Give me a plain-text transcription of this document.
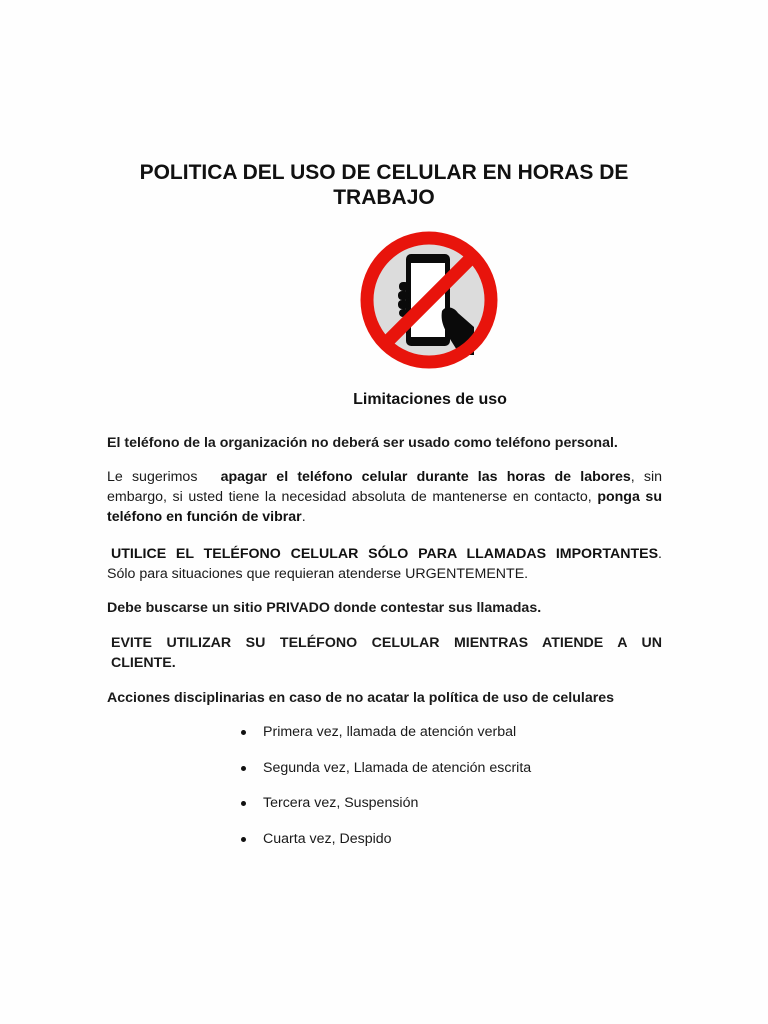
POLITICA DEL USO DE CELULAR EN HORAS DE
TRABAJO
Limitaciones de uso

El teléfono de la organización no deberá ser usado como teléfono personal.

Le sugerimos apagar el teléfono celular durante las horas de labores, sin embargo, si usted tiene la necesidad absoluta de mantenerse en contacto, ponga su teléfono en función de vibrar.

UTILICE EL TELÉFONO CELULAR SÓLO PARA LLAMADAS IMPORTANTES.
Sólo para situaciones que requieran atenderse URGENTEMENTE.

Debe buscarse un sitio PRIVADO donde contestar sus llamadas.

EVITE UTILIZAR SU TELÉFONO CELULAR MIENTRAS ATIENDE A UN CLIENTE.

Acciones disciplinarias en caso de no acatar la política de uso de celulares

Primera vez, llamada de atención verbal
Segunda vez, Llamada de atención escrita
Tercera vez, Suspensión
Cuarta vez, Despido
